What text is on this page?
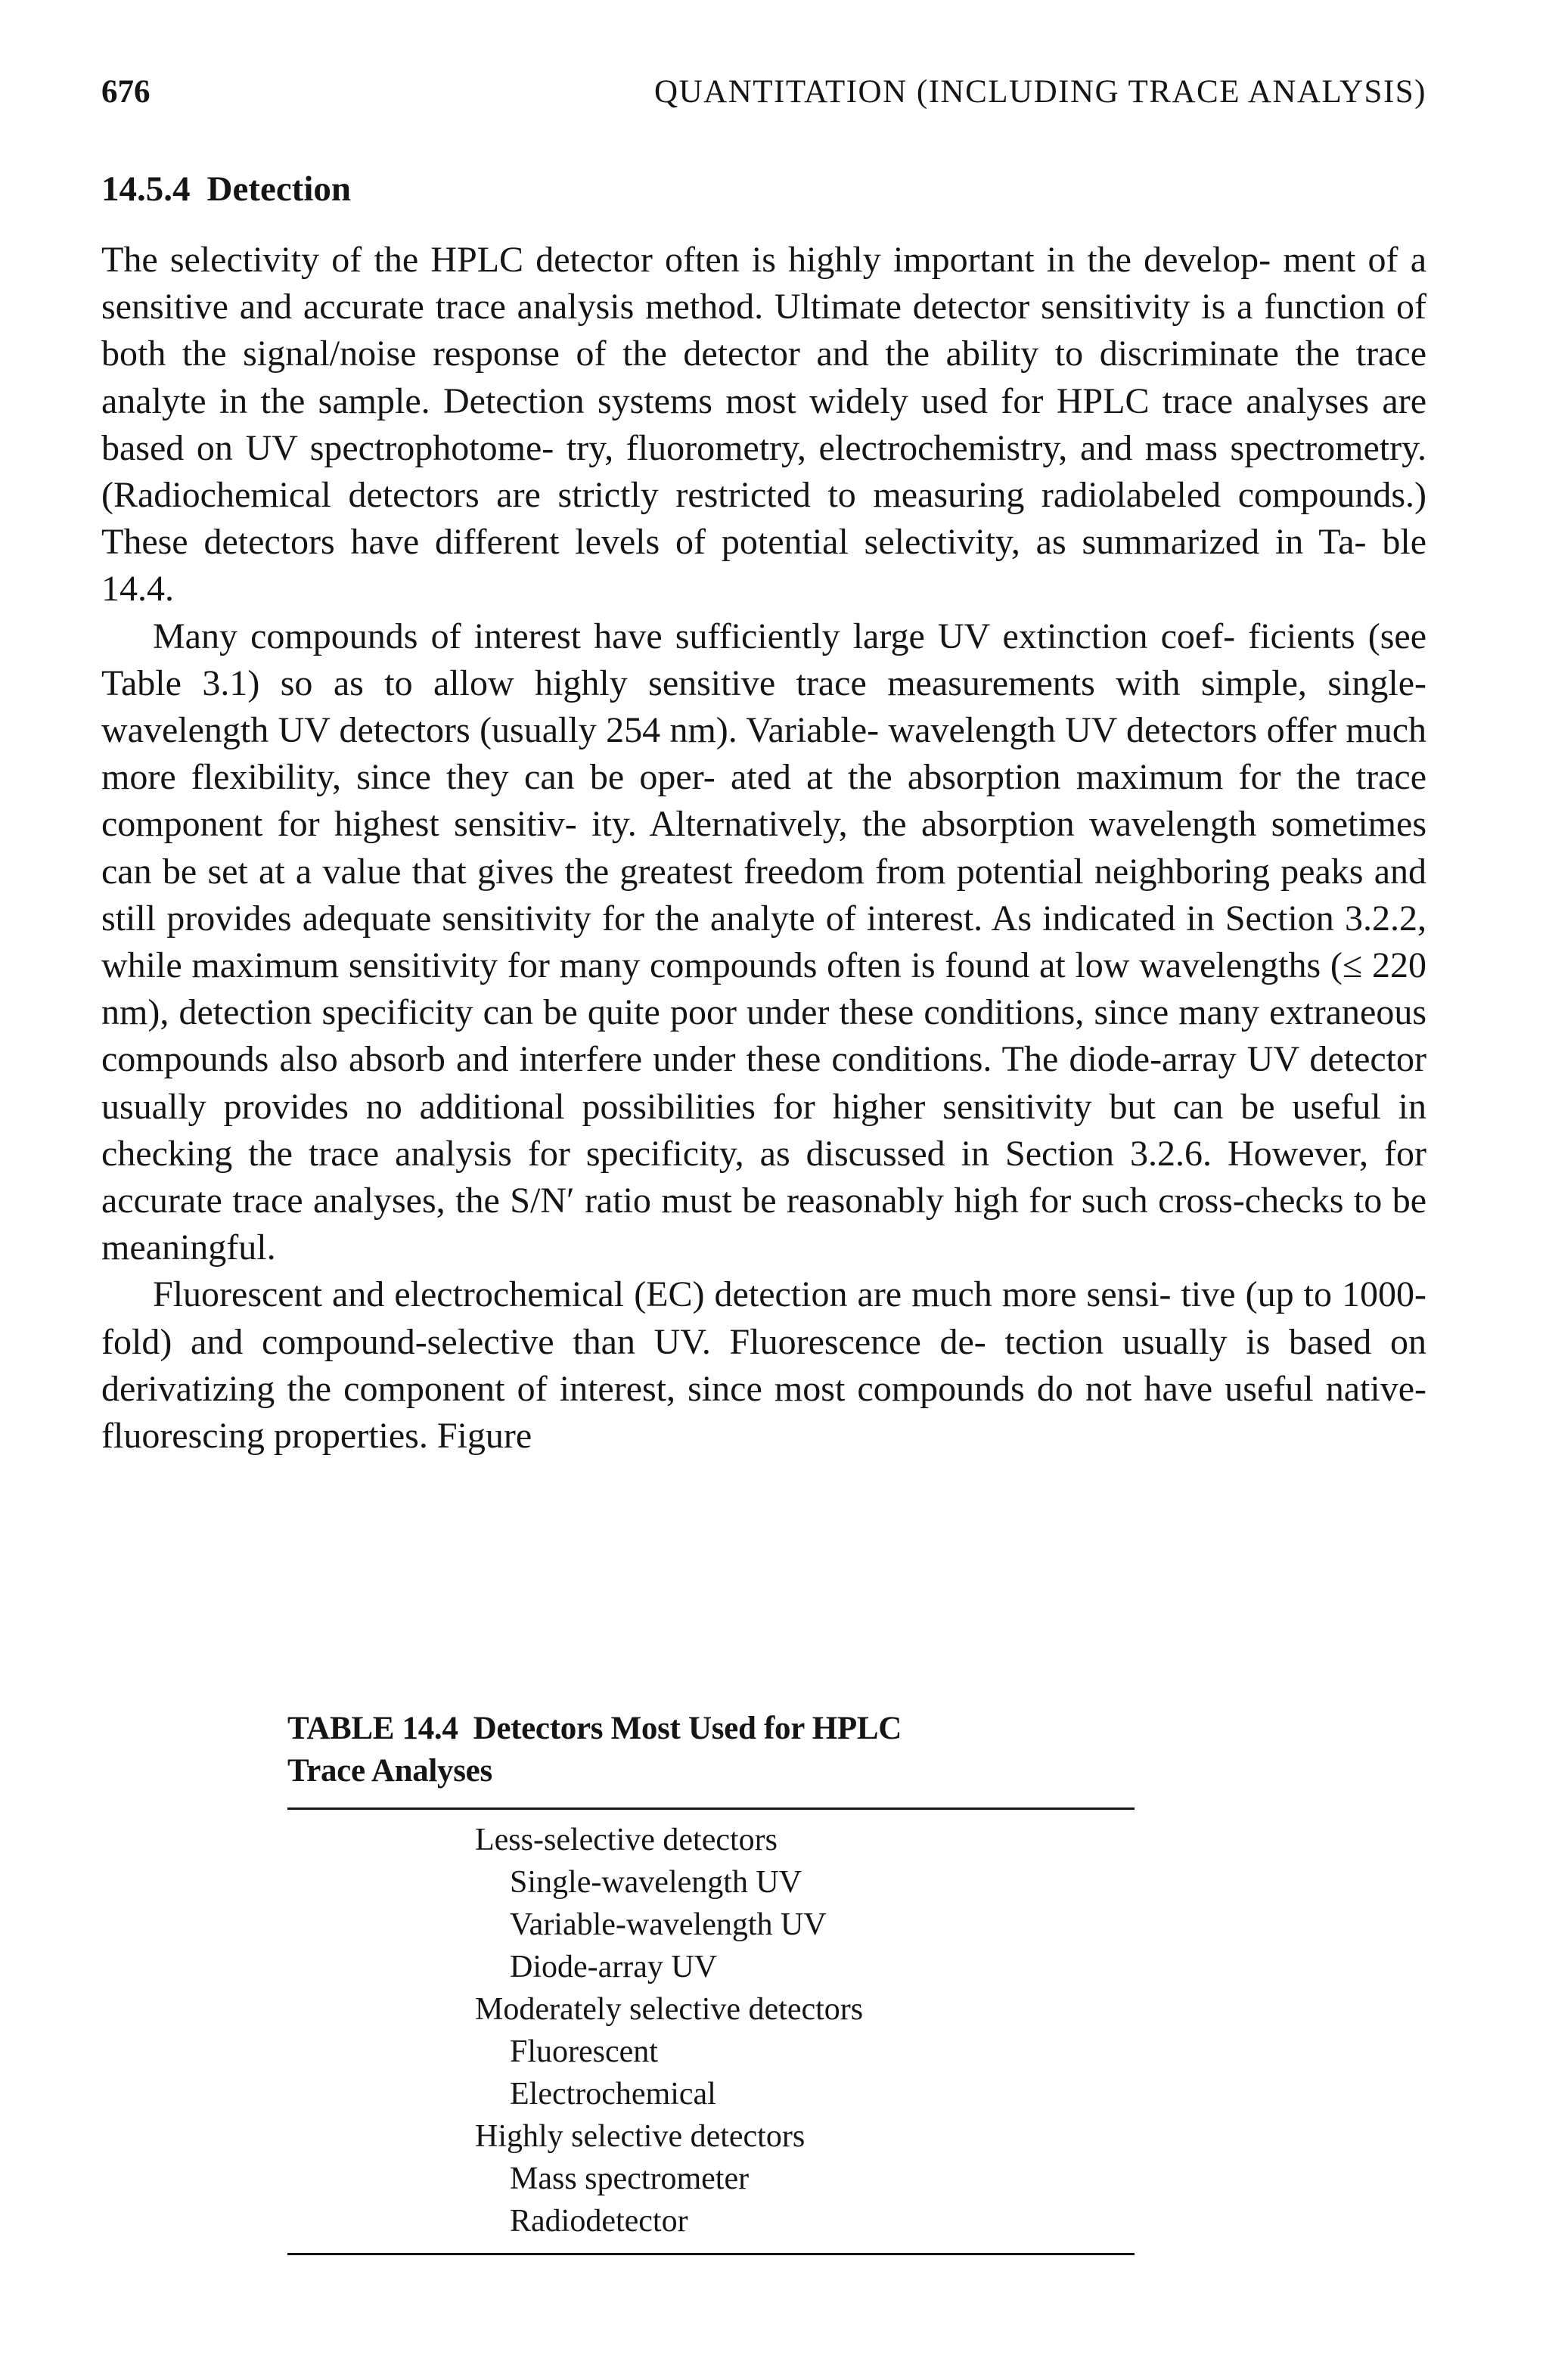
676	QUANTITATION (INCLUDING TRACE ANALYSIS)
14.5.4 Detection

The selectivity of the HPLC detector often is highly important in the develop- ment of a sensitive and accurate trace analysis method. Ultimate detector sensitivity is a function of both the signal/noise response of the detector and the ability to discriminate the trace analyte in the sample. Detection systems most widely used for HPLC trace analyses are based on UV spectrophotome- try, fluorometry, electrochemistry, and mass spectrometry. (Radiochemical detectors are strictly restricted to measuring radiolabeled compounds.) These detectors have different levels of potential selectivity, as summarized in Ta- ble 14.4.

Many compounds of interest have sufficiently large UV extinction coef- ficients (see Table 3.1) so as to allow highly sensitive trace measurements with simple, single-wavelength UV detectors (usually 254 nm). Variable- wavelength UV detectors offer much more flexibility, since they can be oper- ated at the absorption maximum for the trace component for highest sensitiv- ity. Alternatively, the absorption wavelength sometimes can be set at a value that gives the greatest freedom from potential neighboring peaks and still provides adequate sensitivity for the analyte of interest. As indicated in Section 3.2.2, while maximum sensitivity for many compounds often is found at low wavelengths (≤ 220 nm), detection specificity can be quite poor under these conditions, since many extraneous compounds also absorb and interfere under these conditions. The diode-array UV detector usually provides no additional possibilities for higher sensitivity but can be useful in checking the trace analysis for specificity, as discussed in Section 3.2.6. However, for accurate trace analyses, the S/N′ ratio must be reasonably high for such cross-checks to be meaningful.

Fluorescent and electrochemical (EC) detection are much more sensi- tive (up to 1000-fold) and compound-selective than UV. Fluorescence de- tection usually is based on derivatizing the component of interest, since most compounds do not have useful native-fluorescing properties. Figure

TABLE 14.4 Detectors Most Used for HPLC
Trace Analyses
Less-selective detectors
Single-wavelength UV
Variable-wavelength UV
Diode-array UV
Moderately selective detectors
Fluorescent
Electrochemical
Highly selective detectors
Mass spectrometer
Radiodetector
